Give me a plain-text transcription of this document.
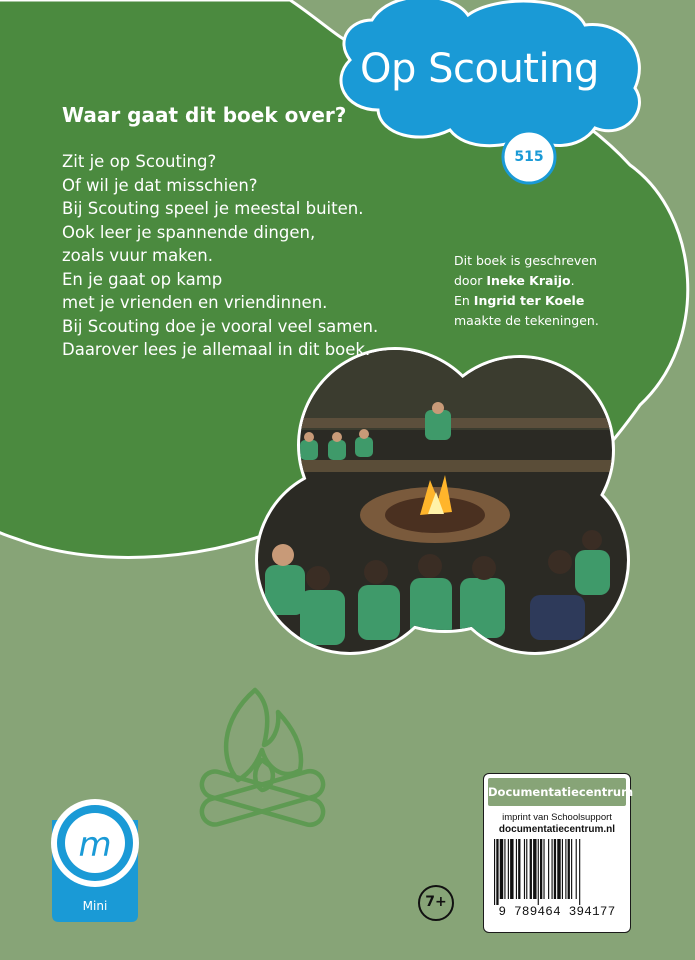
m
Op Scouting
515
Waar gaat dit boek over?
Zit je op Scouting?
Of wil je dat misschien?
Bij Scouting speel je meestal buiten.
Ook leer je spannende dingen,
zoals vuur maken.
En je gaat op kamp
met je vrienden en vriendinnen.
Bij Scouting doe je vooral veel samen.
Daarover lees je allemaal in dit boek.
Dit boek is geschreven
door Ineke Kraijo.
En Ingrid ter Koele
maakte de tekeningen.
Mini	7+
Documentatiecentrum
imprint van Schoolsupport
documentatiecentrum.nl
9 789464 394177
